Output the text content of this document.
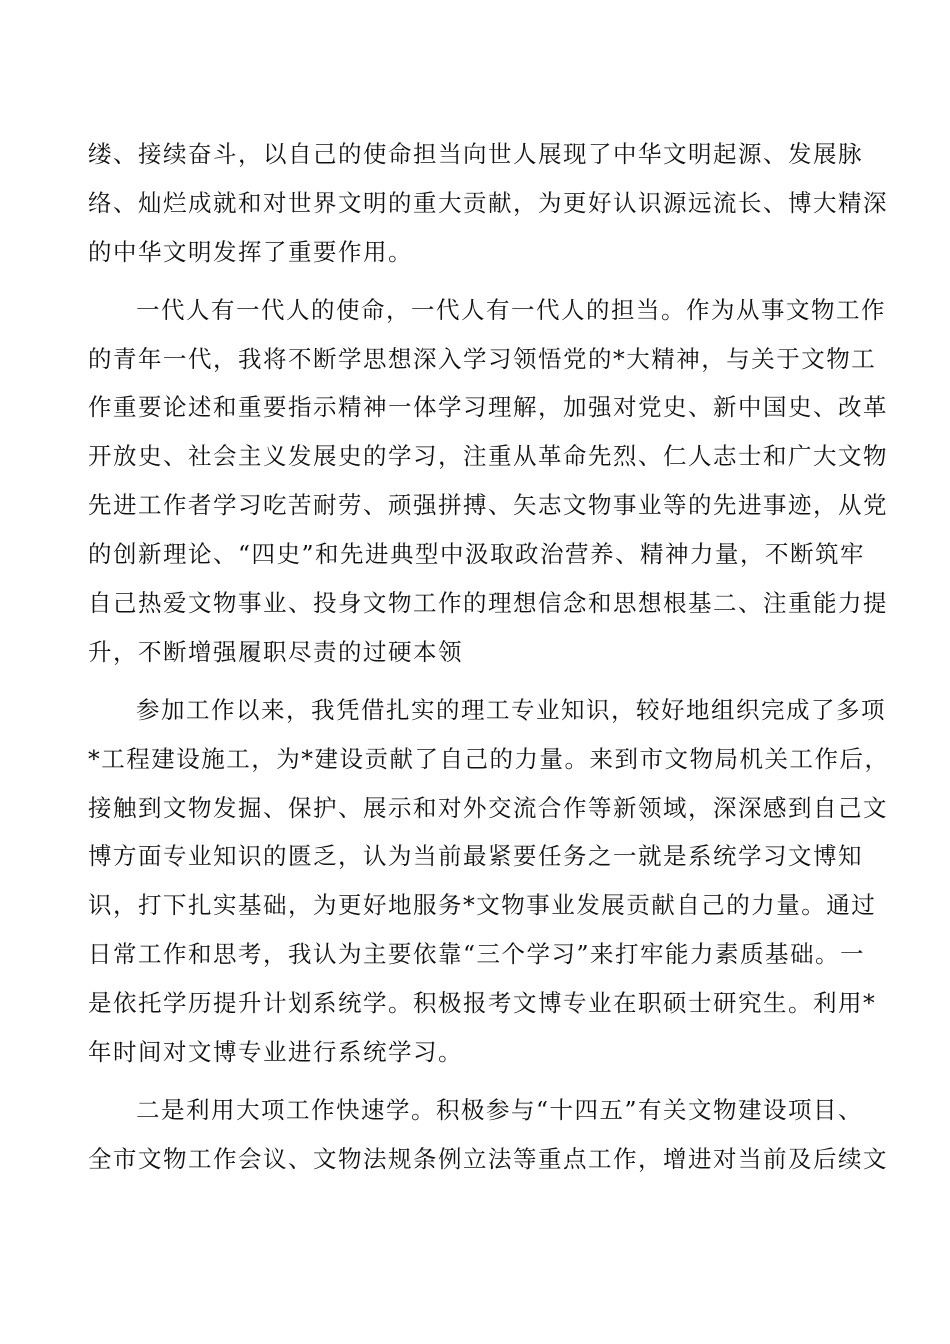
缕、接续奋斗，以自己的使命担当向世人展现了中华文明起源、发展脉
络、灿烂成就和对世界文明的重大贡献，为更好认识源远流长、博大精深
的中华文明发挥了重要作用。
一代人有一代人的使命，一代人有一代人的担当。作为从事文物工作
的青年一代，我将不断学思想深入学习领悟党的*大精神，与关于文物工
作重要论述和重要指示精神一体学习理解，加强对党史、新中国史、改革
开放史、社会主义发展史的学习，注重从革命先烈、仁人志士和广大文物
先进工作者学习吃苦耐劳、顽强拼搏、矢志文物事业等的先进事迹，从党
的创新理论、“四史”和先进典型中汲取政治营养、精神力量，不断筑牢
自己热爱文物事业、投身文物工作的理想信念和思想根基二、注重能力提
升，不断增强履职尽责的过硬本领
参加工作以来，我凭借扎实的理工专业知识，较好地组织完成了多项
*工程建设施工，为*建设贡献了自己的力量。来到市文物局机关工作后，
接触到文物发掘、保护、展示和对外交流合作等新领域，深深感到自己文
博方面专业知识的匮乏，认为当前最紧要任务之一就是系统学习文博知
识，打下扎实基础，为更好地服务*文物事业发展贡献自己的力量。通过
日常工作和思考，我认为主要依靠“三个学习”来打牢能力素质基础。一
是依托学历提升计划系统学。积极报考文博专业在职硕士研究生。利用*
年时间对文博专业进行系统学习。
二是利用大项工作快速学。积极参与“十四五”有关文物建设项目、
全市文物工作会议、文物法规条例立法等重点工作，增进对当前及后续文
